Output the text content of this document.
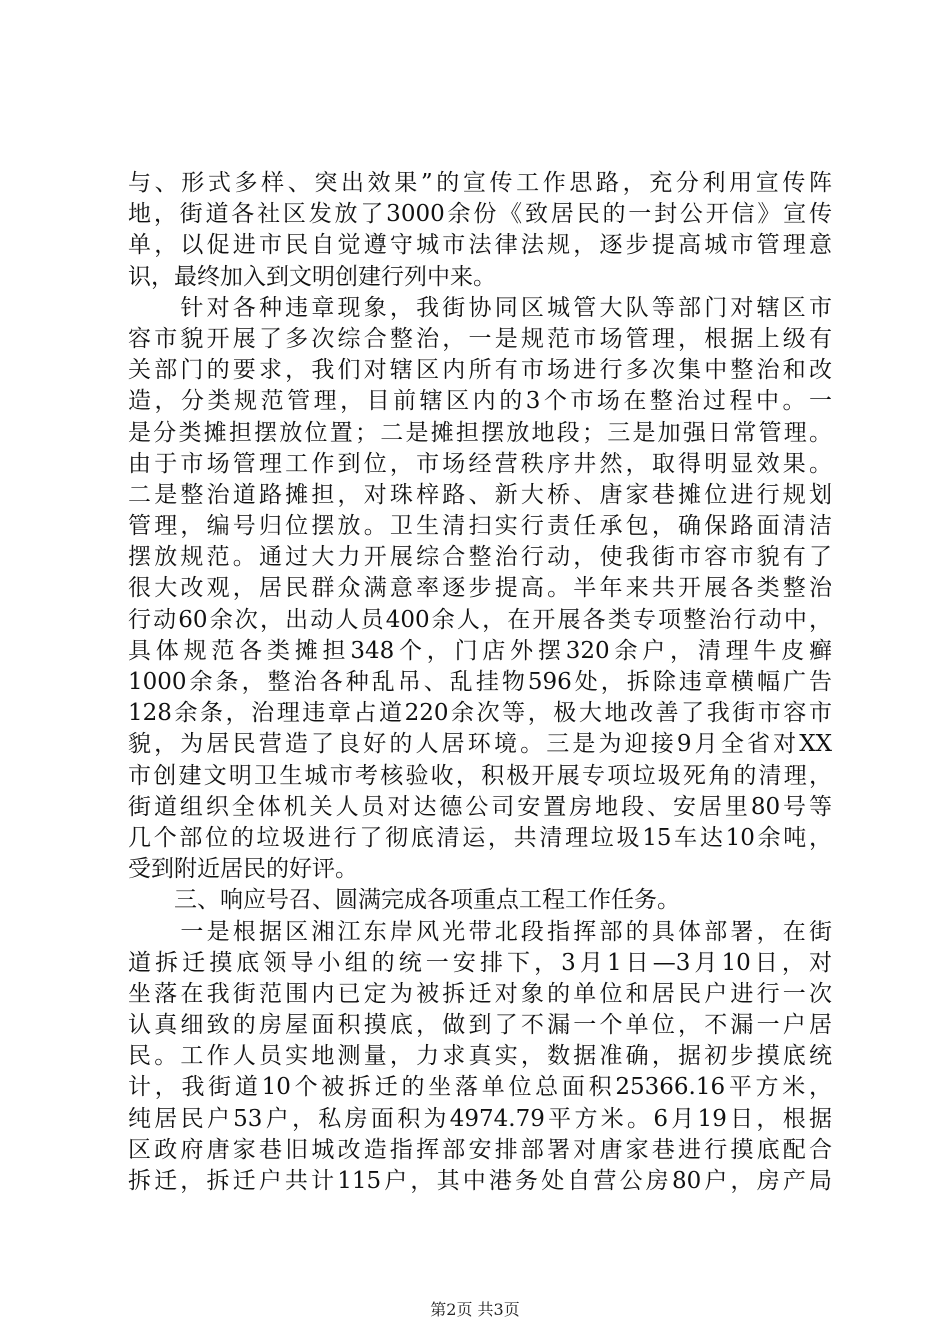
与、形式多样、突出效果”的宣传工作思路，充分利用宣传阵
地，街道各社区发放了3000余份《致居民的一封公开信》宣传
单，以促进市民自觉遵守城市法律法规，逐步提高城市管理意
识，最终加入到文明创建行列中来。
　　针对各种违章现象，我街协同区城管大队等部门对辖区市
容市貌开展了多次综合整治，一是规范市场管理，根据上级有
关部门的要求，我们对辖区内所有市场进行多次集中整治和改
造，分类规范管理，目前辖区内的3个市场在整治过程中。一
是分类摊担摆放位置；二是摊担摆放地段；三是加强日常管理。
由于市场管理工作到位，市场经营秩序井然，取得明显效果。
二是整治道路摊担，对珠梓路、新大桥、唐家巷摊位进行规划
管理，编号归位摆放。卫生清扫实行责任承包，确保路面清洁
摆放规范。通过大力开展综合整治行动，使我街市容市貌有了
很大改观，居民群众满意率逐步提高。半年来共开展各类整治
行动60余次，出动人员400余人，在开展各类专项整治行动中，
具体规范各类摊担348个，门店外摆320余户，清理牛皮癣
1000余条，整治各种乱吊、乱挂物596处，拆除违章横幅广告
128余条，治理违章占道220余次等，极大地改善了我街市容市
貌，为居民营造了良好的人居环境。三是为迎接9月全省对XX
市创建文明卫生城市考核验收，积极开展专项垃圾死角的清理，
街道组织全体机关人员对达德公司安置房地段、安居里80号等
几个部位的垃圾进行了彻底清运，共清理垃圾15车达10余吨，
受到附近居民的好评。
　　三、响应号召、圆满完成各项重点工程工作任务。
　　一是根据区湘江东岸风光带北段指挥部的具体部署，在街
道拆迁摸底领导小组的统一安排下，3月1日—3月10日，对
坐落在我街范围内已定为被拆迁对象的单位和居民户进行一次
认真细致的房屋面积摸底，做到了不漏一个单位，不漏一户居
民。工作人员实地测量，力求真实，数据准确，据初步摸底统
计，我街道10个被拆迁的坐落单位总面积25366.16平方米，
纯居民户53户，私房面积为4974.79平方米。6月19日，根据
区政府唐家巷旧城改造指挥部安排部署对唐家巷进行摸底配合
拆迁，拆迁户共计115户，其中港务处自营公房80户，房产局
第2页 共3页
